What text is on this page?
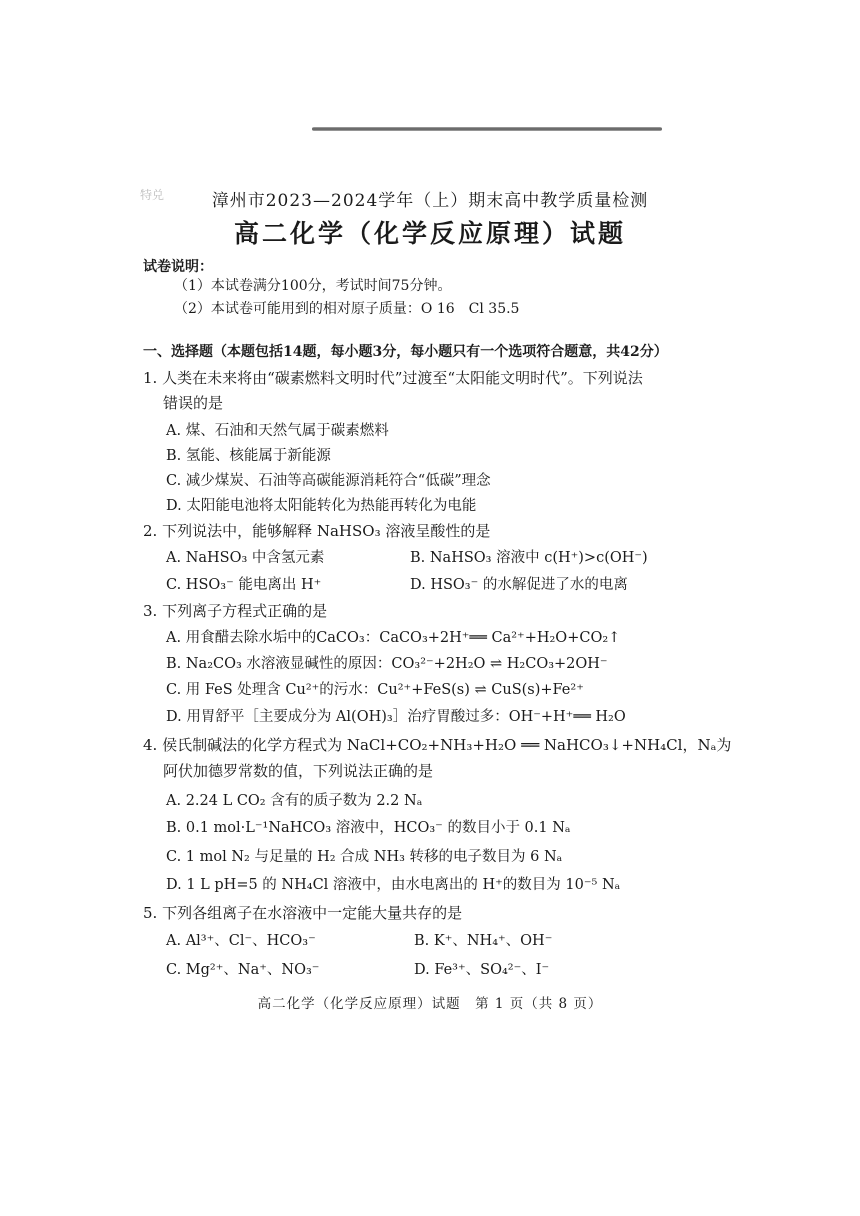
特兑	漳州市2023—2024学年（上）期末高中教学质量检测
高二化学（化学反应原理）试题
试卷说明：
（1）本试卷满分100分，考试时间75分钟。
（2）本试卷可能用到的相对原子质量：O 16　Cl 35.5
一、选择题（本题包括14题，每小题3分，每小题只有一个选项符合题意，共42分）
1. 人类在未来将由“碳素燃料文明时代”过渡至“太阳能文明时代”。下列说法
错误的是
A. 煤、石油和天然气属于碳素燃料
B. 氢能、核能属于新能源
C. 减少煤炭、石油等高碳能源消耗符合“低碳”理念
D. 太阳能电池将太阳能转化为热能再转化为电能
2. 下列说法中，能够解释 NaHSO₃ 溶液呈酸性的是
A. NaHSO₃ 中含氢元素	B. NaHSO₃ 溶液中 c(H⁺)>c(OH⁻)
C. HSO₃⁻ 能电离出 H⁺	D. HSO₃⁻ 的水解促进了水的电离
3. 下列离子方程式正确的是
A. 用食醋去除水垢中的CaCO₃：CaCO₃+2H⁺══ Ca²⁺+H₂O+CO₂↑
B. Na₂CO₃ 水溶液显碱性的原因：CO₃²⁻+2H₂O ⇌ H₂CO₃+2OH⁻
C. 用 FeS 处理含 Cu²⁺的污水：Cu²⁺+FeS(s) ⇌ CuS(s)+Fe²⁺
D. 用胃舒平［主要成分为 Al(OH)₃］治疗胃酸过多：OH⁻+H⁺══ H₂O
4. 侯氏制碱法的化学方程式为 NaCl+CO₂+NH₃+H₂O ══ NaHCO₃↓+NH₄Cl，Nₐ为
阿伏加德罗常数的值，下列说法正确的是
A. 2.24 L CO₂ 含有的质子数为 2.2 Nₐ
B. 0.1 mol·L⁻¹NaHCO₃ 溶液中，HCO₃⁻ 的数目小于 0.1 Nₐ
C. 1 mol N₂ 与足量的 H₂ 合成 NH₃ 转移的电子数目为 6 Nₐ
D. 1 L pH=5 的 NH₄Cl 溶液中，由水电离出的 H⁺的数目为 10⁻⁵ Nₐ
5. 下列各组离子在水溶液中一定能大量共存的是
A. Al³⁺、Cl⁻、HCO₃⁻	B. K⁺、NH₄⁺、OH⁻
C. Mg²⁺、Na⁺、NO₃⁻	D. Fe³⁺、SO₄²⁻、I⁻
高二化学（化学反应原理）试题　第 1 页（共 8 页）
